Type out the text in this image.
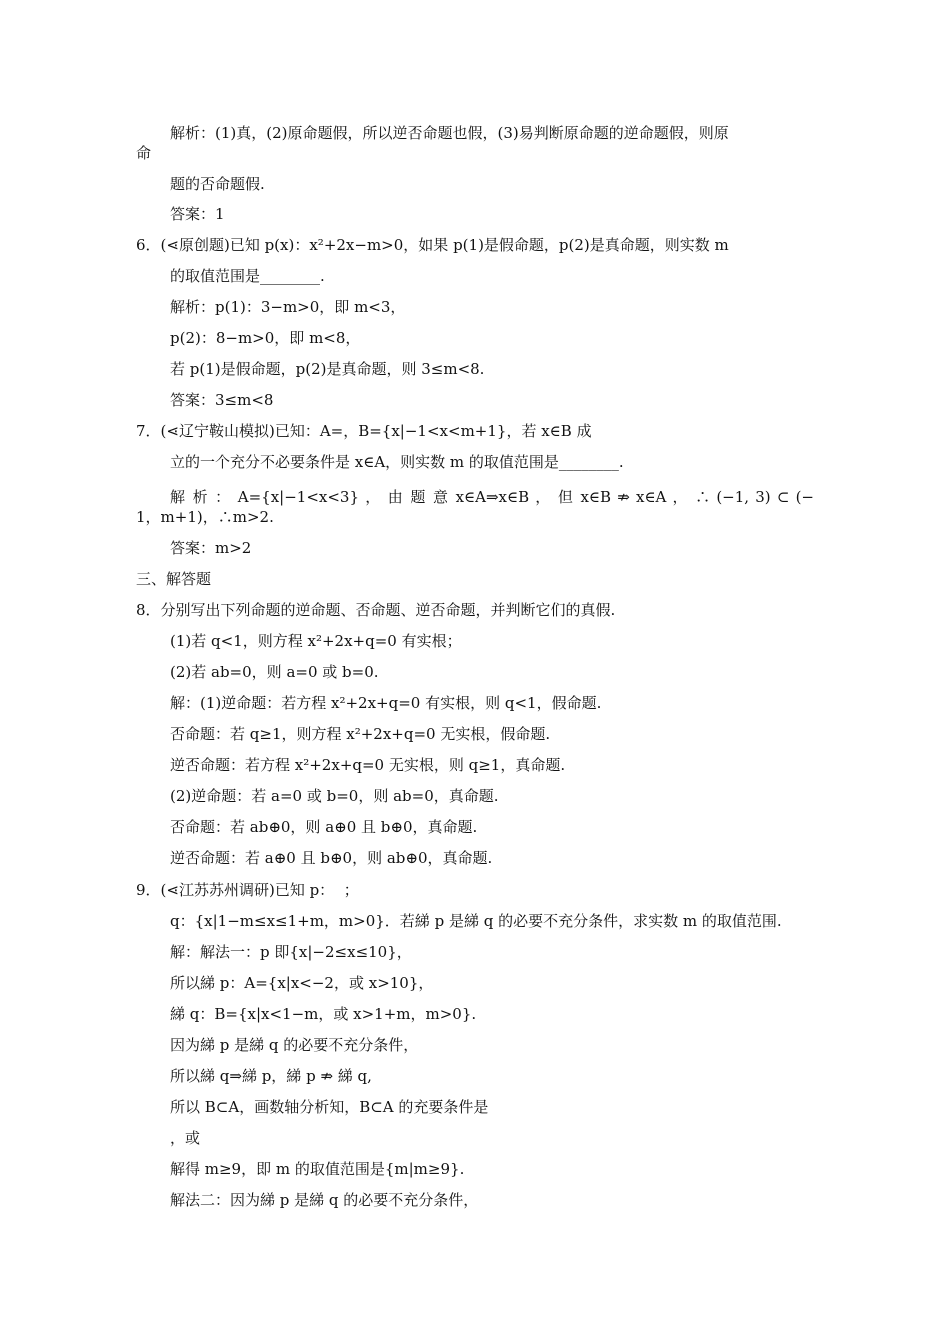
解析：(1)真，(2)原命题假，所以逆否命题也假，(3)易判断原命题的逆命题假，则原
命
题的否命题假.
答案：1
6．(⋖原创题)已知 p(x)：x²+2x−m>0，如果 p(1)是假命题，p(2)是真命题，则实数 m
的取值范围是________.
解析：p(1)：3−m>0，即 m<3，
p(2)：8−m>0，即 m<8，
若 p(1)是假命题，p(2)是真命题，则 3≤m<8.
答案：3≤m<8
7．(⋖辽宁鞍山模拟)已知：A=，B={x|−1<x<m+1}，若 x∈B 成
立的一个充分不必要条件是 x∈A，则实数 m 的取值范围是________.
解 析 ： A={x|−1<x<3} ， 由 题 意 x∈A⇒x∈B ， 但 x∈B ⇏ x∈A ， ∴ (−1, 3) ⊂ (−
1，m+1)，∴m>2.
答案：m>2
三、解答题
8．分别写出下列命题的逆命题、否命题、逆否命题，并判断它们的真假.
(1)若 q<1，则方程 x²+2x+q=0 有实根；
(2)若 ab=0，则 a=0 或 b=0.
解：(1)逆命题：若方程 x²+2x+q=0 有实根，则 q<1，假命题.
否命题：若 q≥1，则方程 x²+2x+q=0 无实根，假命题.
逆否命题：若方程 x²+2x+q=0 无实根，则 q≥1，真命题.
(2)逆命题：若 a=0 或 b=0，则 ab=0，真命题.
否命题：若 ab⊕0，则 a⊕0 且 b⊕0，真命题.
逆否命题：若 a⊕0 且 b⊕0，则 ab⊕0，真命题.
9．(⋖江苏苏州调研)已知 p：  ；
q：{x|1−m≤x≤1+m，m>0}．若綈 p 是綈 q 的必要不充分条件，求实数 m 的取值范围.
解：解法一：p 即{x|−2≤x≤10}，
所以綈 p：A={x|x<−2，或 x>10}，
綈 q：B={x|x<1−m，或 x>1+m，m>0}.
因为綈 p 是綈 q 的必要不充分条件，
所以綈 q⇒綈 p，綈 p ⇏ 綈 q,
所以 B⊂A，画数轴分析知，B⊂A 的充要条件是
，或
解得 m≥9，即 m 的取值范围是{m|m≥9}.
解法二：因为綈 p 是綈 q 的必要不充分条件，
